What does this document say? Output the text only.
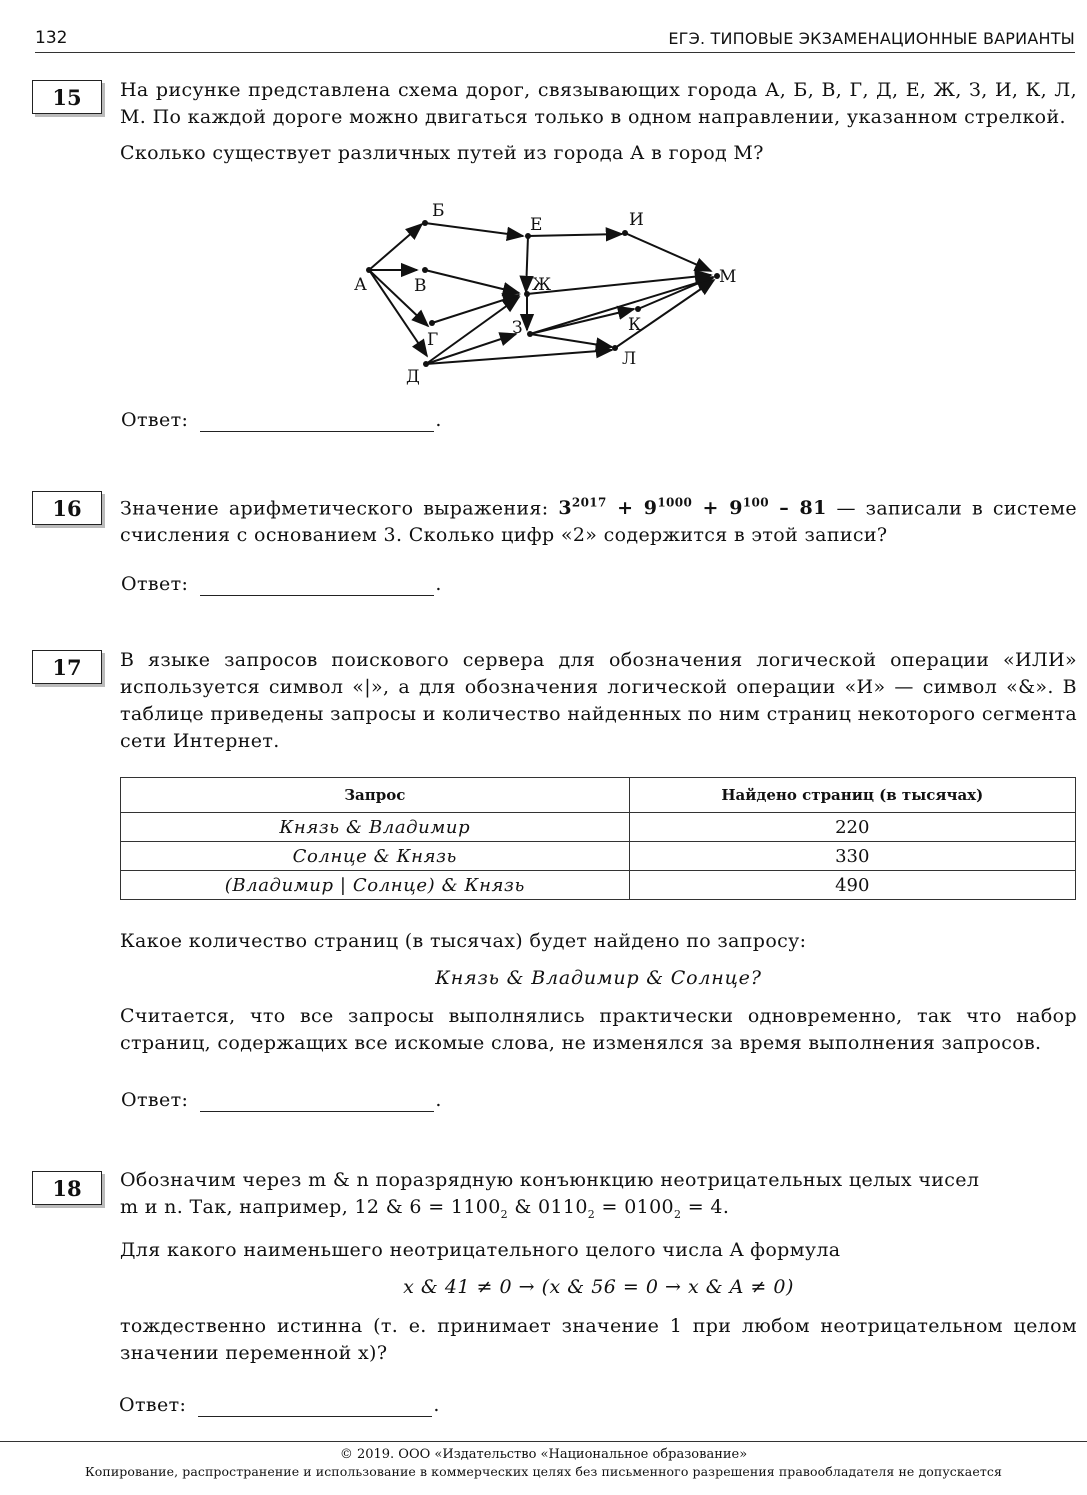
132	ЕГЭ. ТИПОВЫЕ ЭКЗАМЕНАЦИОННЫЕ ВАРИАНТЫ
15	На рисунке представлена схема дорог, связывающих города А, Б, В, Г, Д, Е, Ж, З, И, К, Л, М. По каждой дороге можно двигаться только в одном направлении, указанном стрелкой.

Сколько существует различных путей из города А в город М?

А
Б
В
Г
Д
Е
Ж
З
И
К
Л
М
Ответ:	.
16	Значение арифметического выражения: $3^{2017} + 9^{1000} + 9^{100} - 81$ — записали в системе счисления с основанием 3. Сколько цифр «2» содержится в этой записи?

Ответ:	.
17	В языке запросов поискового сервера для обозначения логической операции «ИЛИ» используется символ «|», а для обозначения логической операции «И» — символ «&». В таблице приведены запросы и количество найденных по ним страниц некоторого сегмента сети Интернет.

Запрос	Найдено страниц (в тысячах)
Князь & Владимир	220
Солнце & Князь	330
(Владимир | Солнце) & Князь	490

Какое количество страниц (в тысячах) будет найдено по запросу:

Князь & Владимир & Солнце?

Считается, что все запросы выполнялись практически одновременно, так что набор страниц, содержащих все искомые слова, не изменялся за время выполнения запросов.

Ответ:	.
18	Обозначим через m & n поразрядную конъюнкцию неотрицательных целых чисел

m и n. Так, например, 12 & $6 = 1100_2$ & $0110_2 = 0100_2 = 4$.

Для какого наименьшего неотрицательного целого числа A формула

x & 41 ≠ 0 → (x & 56 = 0 → x & A ≠ 0)

тождественно истинна (т. е. принимает значение 1 при любом неотрицательном целом значении переменной x)?

Ответ:	.
© 2019. ООО «Издательство «Национальное образование»
Копирование, распространение и использование в коммерческих целях без письменного разрешения правообладателя не допускается
